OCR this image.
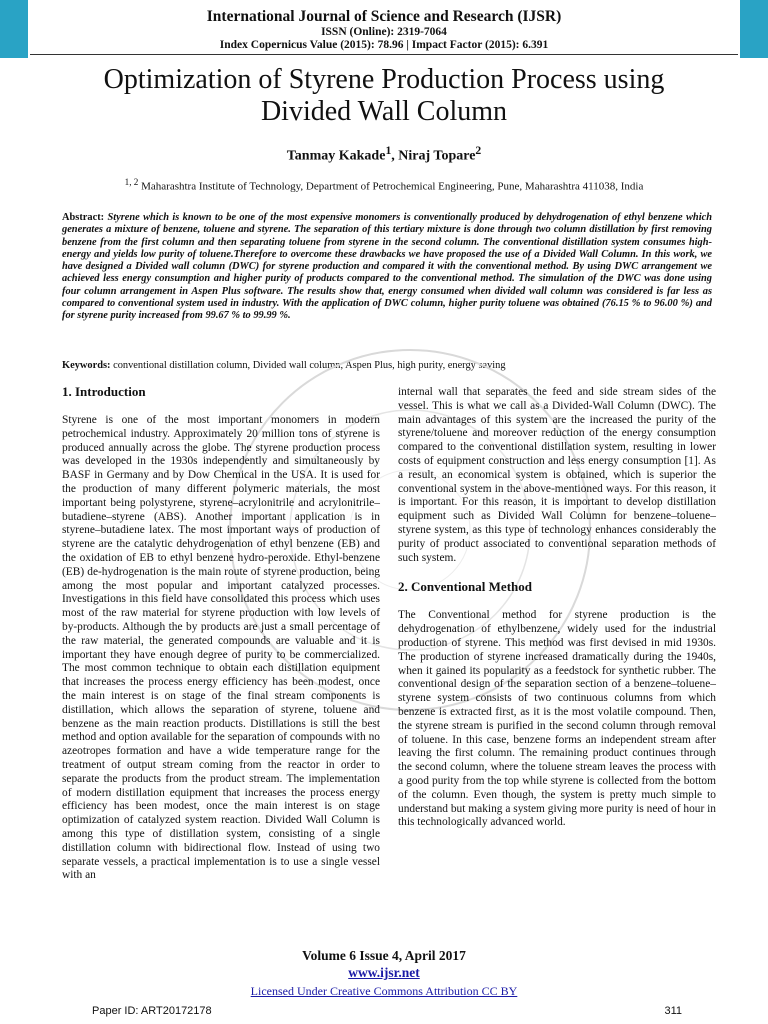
International Journal of Science and Research (IJSR)
ISSN (Online): 2319-7064
Index Copernicus Value (2015): 78.96 | Impact Factor (2015): 6.391
Optimization of Styrene Production Process using
Divided Wall Column
Tanmay Kakade$^1$, Niraj Topare$^2$
$^{1, 2}$ Maharashtra Institute of Technology, Department of Petrochemical Engineering, Pune, Maharashtra 411038, India

Abstract: Styrene which is known to be one of the most expensive monomers is conventionally produced by dehydrogenation of ethyl benzene which generates a mixture of benzene, toluene and styrene. The separation of this tertiary mixture is done through two column distillation by first removing benzene from the first column and then separating toluene from styrene in the second column. The conventional distillation system consumes high-energy and yields low purity of toluene.Therefore to overcome these drawbacks we have proposed the use of a Divided Wall Column. In this work, we have designed a Divided wall column (DWC) for styrene production and compared it with the conventional method. By using DWC arrangement we achieved less energy consumption and higher purity of products compared to the conventional method. The simulation of the DWC was done using four column arrangement in Aspen Plus software. The results show that, energy consumed when divided wall column was considered is far less as compared to conventional system used in industry. With the application of DWC column, higher purity toluene was obtained (76.15 % to 96.00 %) and for styrene purity increased from 99.67 % to 99.99 %.

Keywords: conventional distillation column, Divided wall column, Aspen Plus, high purity, energy saving
1. Introduction

Styrene is one of the most important monomers in modern petrochemical industry. Approximately 20 million tons of styrene is produced annually across the globe. The styrene production process was developed in the 1930s independently and simultaneously by BASF in Germany and by Dow Chemical in the USA. It is used for the production of many different polymeric materials, the most important being polystyrene, styrene–acrylonitrile and acrylonitrile–butadiene–styrene (ABS). Another important application is in styrene–butadiene latex. The most important ways of production of styrene are the catalytic dehydrogenation of ethyl benzene (EB) and the oxidation of EB to ethyl benzene hydro-peroxide. Ethyl-benzene (EB) de-hydrogenation is the main route of styrene production, being among the most popular and important catalyzed processes. Investigations in this field have consolidated this process which uses most of the raw material for styrene production with low levels of by-products. Although the by products are just a small percentage of the raw material, the generated compounds are valuable and it is important they have enough degree of purity to be commercialized. The most common technique to obtain each distillation equipment that increases the process energy efficiency has been modest, once the main interest is on stage of the final stream components is distillation, which allows the separation of styrene, toluene and benzene as the main reaction products. Distillations is still the best method and option available for the separation of compounds with no azeotropes formation and have a wide temperature range for the treatment of output stream coming from the reactor in order to separate the products from the product stream. The implementation of modern distillation equipment that increases the process energy efficiency has been modest, once the main interest is on stage optimization of catalyzed system reaction. Divided Wall Column is among this type of distillation system, consisting of a single distillation column with bidirectional flow. Instead of using two separate vessels, a practical implementation is to use a single vessel with an

internal wall that separates the feed and side stream sides of the vessel. This is what we call as a Divided-Wall Column (DWC). The main advantages of this system are the increased the purity of the styrene/toluene and moreover reduction of the energy consumption compared to the conventional distillation system, resulting in lower costs of equipment construction and less energy consumption [1]. As a result, an economical system is obtained, which is superior the conventional system in the above-mentioned ways. For this reason, it is important. For this reason, it is important to develop distillation equipment such as Divided Wall Column for benzene–toluene–styrene system, as this type of technology enhances considerably the purity of product associated to conventional separation methods of such system.

2. Conventional Method

The Conventional method for styrene production is the dehydrogenation of ethylbenzene, widely used for the industrial production of styrene. This method was first devised in mid 1930s. The production of styrene increased dramatically during the 1940s, when it gained its popularity as a feedstock for synthetic rubber. The conventional design of the separation section of a benzene–toluene–styrene system consists of two continuous columns from which benzene is extracted first, as it is the most volatile compound. Then, the styrene stream is purified in the second column through removal of toluene. In this case, benzene forms an independent stream after leaving the first column. The remaining product continues through the second column, where the toluene stream leaves the process with a good purity from the top while styrene is collected from the bottom of the column. Even though, the system is pretty much simple to understand but making a system giving more purity is need of hour in this technologically advanced world.

Volume 6 Issue 4, April 2017
www.ijsr.net
Licensed Under Creative Commons Attribution CC BY
Paper ID: ART20172178	311
